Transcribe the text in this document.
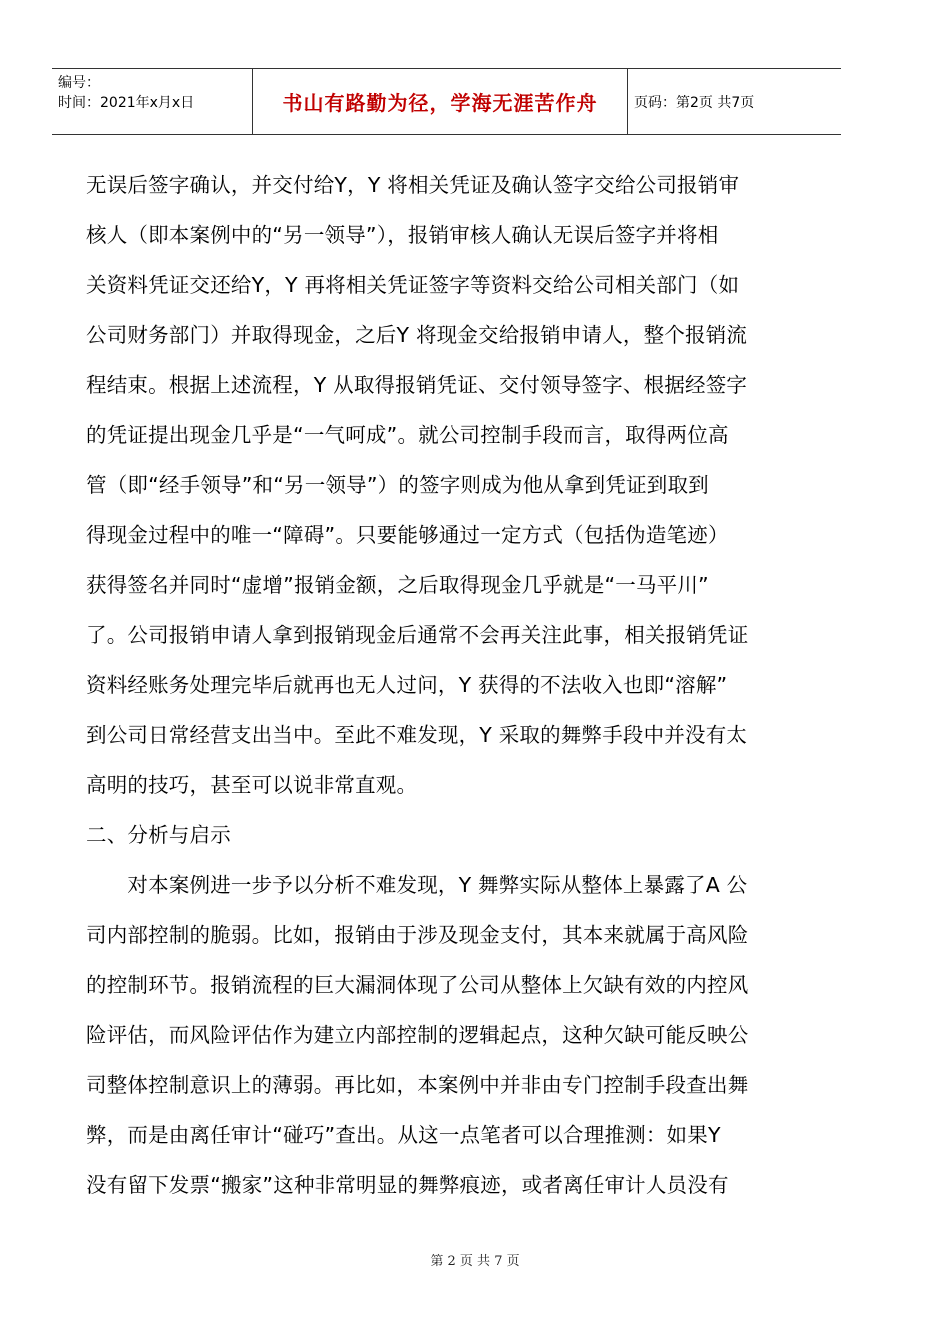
编号：
时间：2021年x月x日	书山有路勤为径，学海无涯苦作舟	页码：第2页 共7页
无误后签字确认，并交付给Y，Y 将相关凭证及确认签字交给公司报销审
核人（即本案例中的“另一领导”），报销审核人确认无误后签字并将相
关资料凭证交还给Y，Y 再将相关凭证签字等资料交给公司相关部门（如
公司财务部门）并取得现金，之后Y 将现金交给报销申请人，整个报销流
程结束。根据上述流程，Y 从取得报销凭证、交付领导签字、根据经签字
的凭证提出现金几乎是“一气呵成”。就公司控制手段而言，取得两位高
管（即“经手领导”和“另一领导”）的签字则成为他从拿到凭证到取到
得现金过程中的唯一“障碍”。只要能够通过一定方式（包括伪造笔迹）
获得签名并同时“虚增”报销金额，之后取得现金几乎就是“一马平川”
了。公司报销申请人拿到报销现金后通常不会再关注此事，相关报销凭证
资料经账务处理完毕后就再也无人过问，Y 获得的不法收入也即“溶解”
到公司日常经营支出当中。至此不难发现，Y 采取的舞弊手段中并没有太
高明的技巧，甚至可以说非常直观。
二、分析与启示
　　对本案例进一步予以分析不难发现，Y 舞弊实际从整体上暴露了A 公
司内部控制的脆弱。比如，报销由于涉及现金支付，其本来就属于高风险
的控制环节。报销流程的巨大漏洞体现了公司从整体上欠缺有效的内控风
险评估，而风险评估作为建立内部控制的逻辑起点，这种欠缺可能反映公
司整体控制意识上的薄弱。再比如，本案例中并非由专门控制手段查出舞
弊，而是由离任审计“碰巧”查出。从这一点笔者可以合理推测：如果Y
没有留下发票“搬家”这种非常明显的舞弊痕迹，或者离任审计人员没有
第 2 页 共 7 页
